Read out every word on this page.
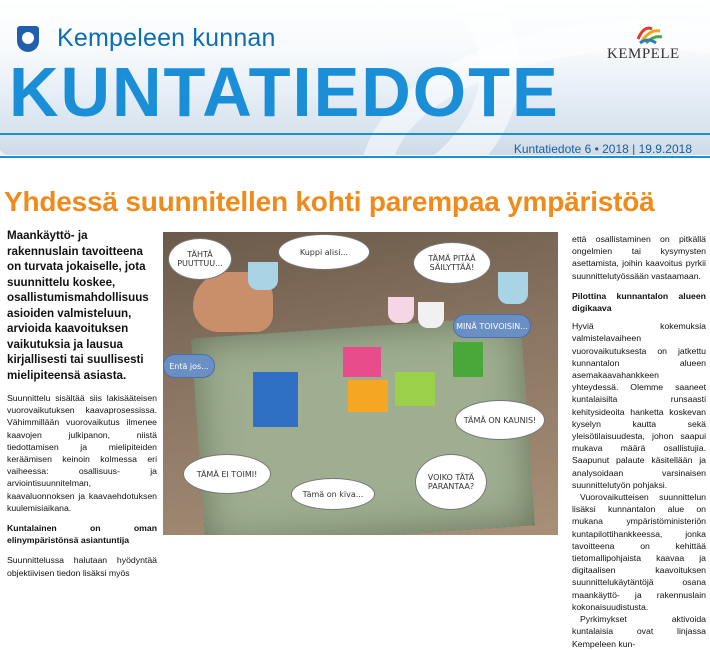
Kempeleen kunnan
KUNTATIEDOTE	KEMPELE
Kuntatiedote 6 • 2018 | 19.9.2018
Yhdessä suunnitellen kohti parempaa ympäristöä
Maankäyttö- ja rakennuslain tavoitteena on turvata jokaiselle, jota suunnittelu koskee, osallistumismahdollisuus asioiden valmisteluun, arvioida kaavoituksen vaikutuksia ja lausua kirjallisesti tai suullisesti mielipiteensä asiasta.
Suunnittelu sisältää siis lakisääteisen vuorovaikutuksen kaavaprosessissa. Vähimmillään vuorovaikutus ilmenee kaavojen julkipanon, niistä tiedottamisen ja mielipiteiden keräämisen keinoin kolmessa eri vaiheessa: osallisuus- ja arviointisuunnitelman, kaavaluonnoksen ja kaavaehdotuksen kuulemisiaikana.
Kuntalainen on oman elinympäristönsä asiantuntija
Suunnittelussa halutaan hyödyntää objektiivisen tiedon lisäksi myös
että osallistaminen on pitkällä ongelmien tai kysymysten asettamista, joihin kaavoitus pyrkii suunnittelutyössään vastaamaan.
Pilottina kunnantalon alueen digikaava
Hyviä kokemuksia valmistelavaiheen vuorovaikutuksesta on jatkettu kunnantalon alueen asemakaavahankkeen yhteydessä. Olemme saaneet kuntalaisilta runsaasti kehitysideoita hanketta koskevan kyselyn kautta sekä yleisötilaisuudesta, johon saapui mukava määrä osallistujia. Saapunut palaute käsitellään ja analysoidaan varsinaisen suunnittelutyön pohjaksi.
Vuorovaikutteisen suunnittelun lisäksi kunnantalon alue on mukana ympäristöministeriön kuntapilottihankkeessa, jonka tavoitteena on kehittää tietomallipohjaista kaavaa ja digitaalisen kaavoituksen suunnittelukäytäntöjä osana maankäyttö- ja rakennuslain kokonaisuudistusta.
Pyrkimykset aktivoida kuntalaisia ovat linjassa Kempeleen kun-
TÄHTÄ PUUTTUU...
Kuppi alisi...
TÄMÄ PITÄÄ SÄILYTTÄÄ!
MINÄ TOIVOISIN...
Entä jos...
TÄMÄ ON KAUNIS!
TÄMÄ EI TOIMI!	VOIKO TÄTÄ PARANTAA?
Tämä on kiva...
